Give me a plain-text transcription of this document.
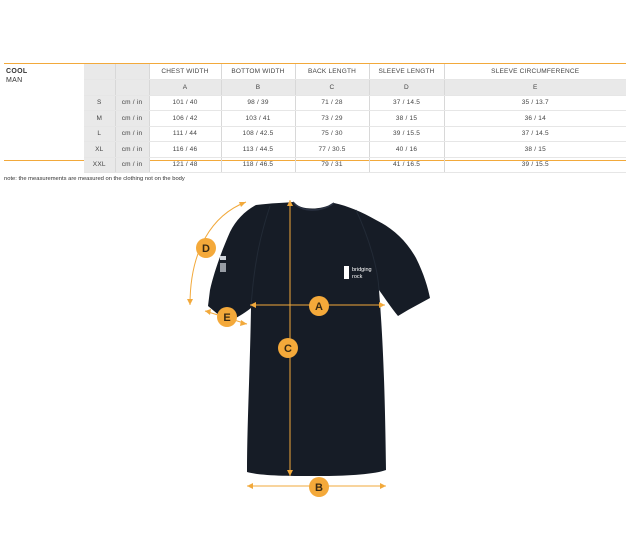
COOL
MAN
		CHEST WIDTH	BOTTOM WIDTH	BACK LENGTH	SLEEVE LENGTH	SLEEVE CIRCUMFERENCE
		A	B	C	D	E
S	cm / in	101 / 40	98 / 39	71 / 28	37 / 14.5	35 / 13.7
M	cm / in	106 / 42	103 / 41	73 / 29	38 / 15	36 / 14
L	cm / in	111 / 44	108 / 42.5	75 / 30	39 / 15.5	37 / 14.5
XL	cm / in	116 / 46	113 / 44.5	77 / 30.5	40 / 16	38 / 15
XXL	cm / in	121 / 48	118 / 46.5	79 / 31	41 / 16.5	39 / 15.5
note: the measurements are measured on the clothing not on the body
bridging
rock
A
B
C
D
E
